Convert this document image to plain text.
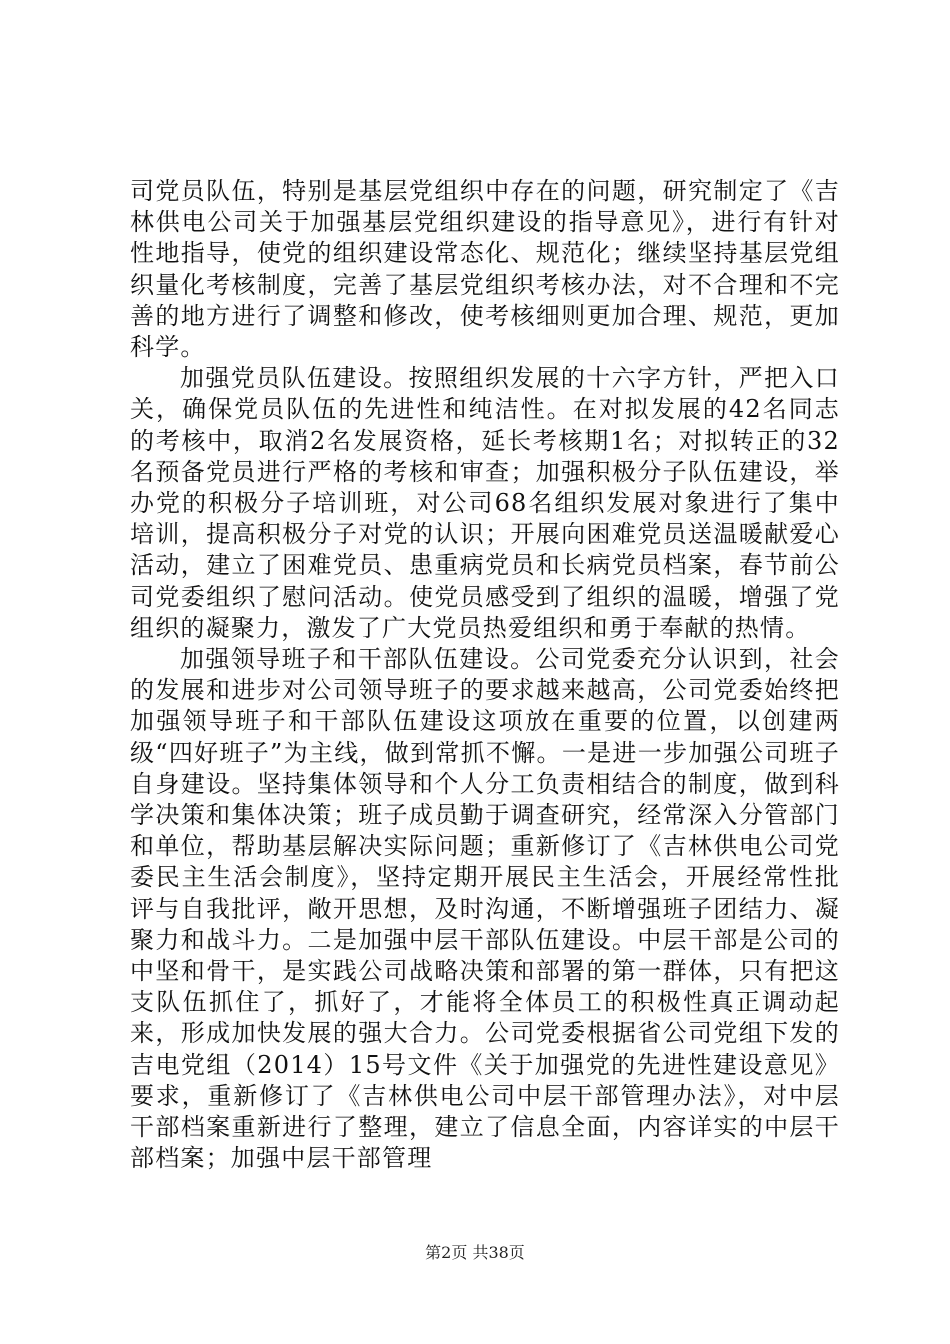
司党员队伍，特别是基层党组织中存在的问题，研究制定了《吉林供电公司关于加强基层党组织建设的指导意见》，进行有针对性地指导，使党的组织建设常态化、规范化；继续坚持基层党组织量化考核制度，完善了基层党组织考核办法，对不合理和不完善的地方进行了调整和修改，使考核细则更加合理、规范，更加科学。

加强党员队伍建设。按照组织发展的十六字方针，严把入口关，确保党员队伍的先进性和纯洁性。在对拟发展的42名同志的考核中，取消2名发展资格，延长考核期1名；对拟转正的32名预备党员进行严格的考核和审查；加强积极分子队伍建设，举办党的积极分子培训班，对公司68名组织发展对象进行了集中培训，提高积极分子对党的认识；开展向困难党员送温暖献爱心活动，建立了困难党员、患重病党员和长病党员档案，春节前公司党委组织了慰问活动。使党员感受到了组织的温暖，增强了党组织的凝聚力，激发了广大党员热爱组织和勇于奉献的热情。

加强领导班子和干部队伍建设。公司党委充分认识到，社会的发展和进步对公司领导班子的要求越来越高，公司党委始终把加强领导班子和干部队伍建设这项放在重要的位置，以创建两级“四好班子”为主线，做到常抓不懈。一是进一步加强公司班子自身建设。坚持集体领导和个人分工负责相结合的制度，做到科学决策和集体决策；班子成员勤于调查研究，经常深入分管部门和单位，帮助基层解决实际问题；重新修订了《吉林供电公司党委民主生活会制度》，坚持定期开展民主生活会，开展经常性批评与自我批评，敞开思想，及时沟通，不断增强班子团结力、凝聚力和战斗力。二是加强中层干部队伍建设。中层干部是公司的中坚和骨干，是实践公司战略决策和部署的第一群体，只有把这支队伍抓住了，抓好了，才能将全体员工的积极性真正调动起来，形成加快发展的强大合力。公司党委根据省公司党组下发的吉电党组（2014）15号文件《关于加强党的先进性建设意见》要求，重新修订了《吉林供电公司中层干部管理办法》，对中层干部档案重新进行了整理，建立了信息全面，内容详实的中层干部档案；加强中层干部管理

第2页 共38页
